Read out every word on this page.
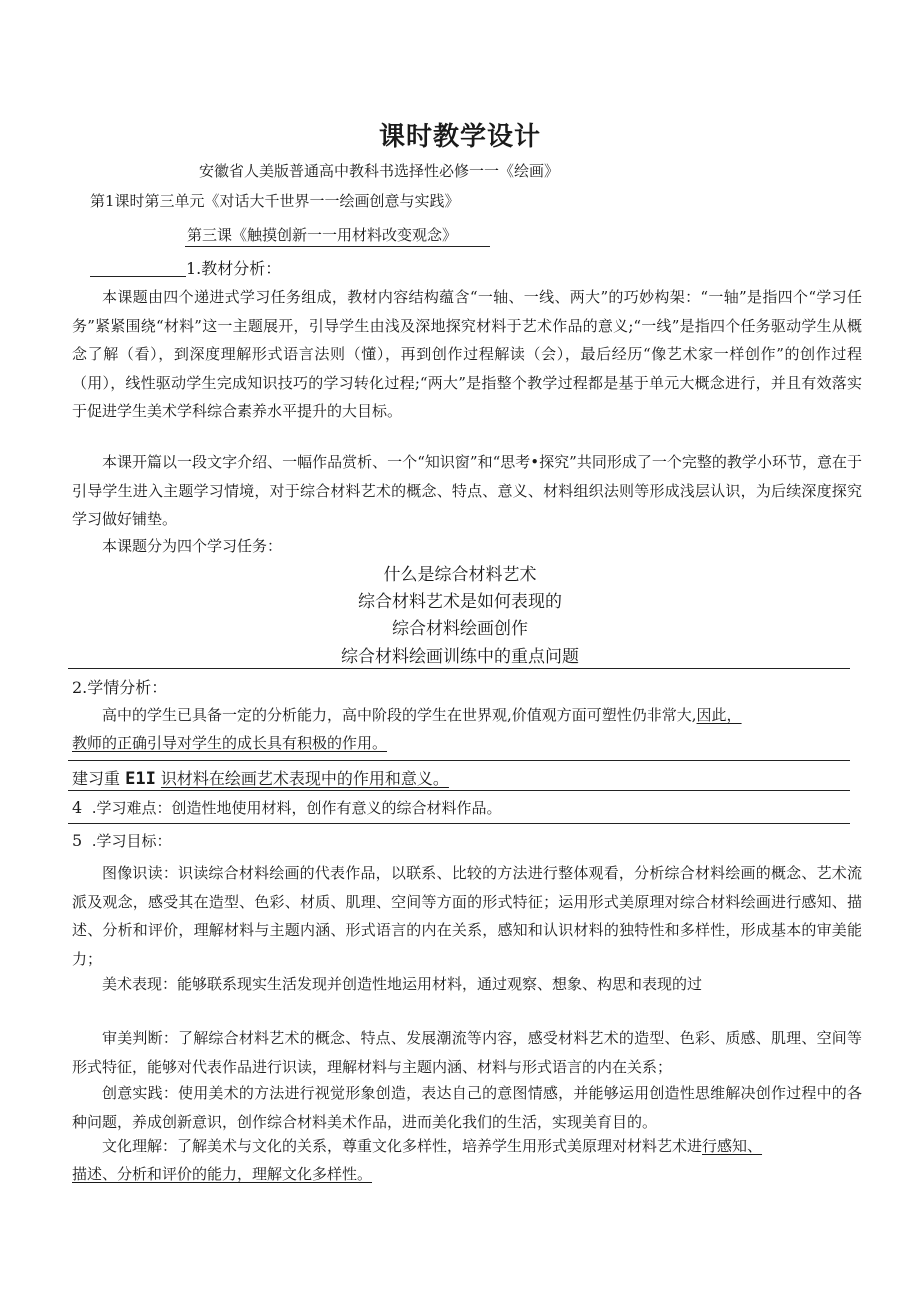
课时教学设计
安徽省人美版普通高中教科书选择性必修一一《绘画》
第1课时第三单元《对话大千世界一一绘画创意与实践》
第三课《触摸创新一一用材料改变观念》
1.教材分析：
本课题由四个递进式学习任务组成，教材内容结构蕴含“一轴、一线、两大”的巧妙构架：“一轴”是指四个“学习任务”紧紧围绕“材料”这一主题展开，引导学生由浅及深地探究材料于艺术作品的意义;“一线”是指四个任务驱动学生从概念了解（看），到深度理解形式语言法则（懂），再到创作过程解读（会），最后经历“像艺术家一样创作”的创作过程（用），线性驱动学生完成知识技巧的学习转化过程;“两大”是指整个教学过程都是基于单元大概念进行，并且有效落实于促进学生美术学科综合素养水平提升的大目标。
本课开篇以一段文字介绍、一幅作品赏析、一个“知识窗”和“思考•探究”共同形成了一个完整的教学小环节，意在于引导学生进入主题学习情境，对于综合材料艺术的概念、特点、意义、材料组织法则等形成浅层认识，为后续深度探究学习做好铺垫。
本课题分为四个学习任务：
什么是综合材料艺术
综合材料艺术是如何表现的
综合材料绘画创作
综合材料绘画训练中的重点问题
2.学情分析：
高中的学生已具备一定的分析能力，高中阶段的学生在世界观,价值观方面可塑性仍非常大,因此，
教师的正确引导对学生的成长具有积极的作用。
建习重 E1I 识材料在绘画艺术表现中的作用和意义。
4 .学习难点：创造性地使用材料，创作有意义的综合材料作品。
5 .学习目标：
图像识读：识读综合材料绘画的代表作品，以联系、比较的方法进行整体观看，分析综合材料绘画的概念、艺术流派及观念，感受其在造型、色彩、材质、肌理、空间等方面的形式特征；运用形式美原理对综合材料绘画进行感知、描述、分析和评价，理解材料与主题内涵、形式语言的内在关系，感知和认识材料的独特性和多样性，形成基本的审美能力；
美术表现：能够联系现实生活发现并创造性地运用材料，通过观察、想象、构思和表现的过
审美判断：了解综合材料艺术的概念、特点、发展潮流等内容，感受材料艺术的造型、色彩、质感、肌理、空间等形式特征，能够对代表作品进行识读，理解材料与主题内涵、材料与形式语言的内在关系；
创意实践：使用美术的方法进行视觉形象创造，表达自己的意图情感，并能够运用创造性思维解决创作过程中的各种问题，养成创新意识，创作综合材料美术作品，进而美化我们的生活，实现美育目的。
文化理解：了解美术与文化的关系，尊重文化多样性，培养学生用形式美原理对材料艺术进行感知、
描述、分析和评价的能力，理解文化多样性。
